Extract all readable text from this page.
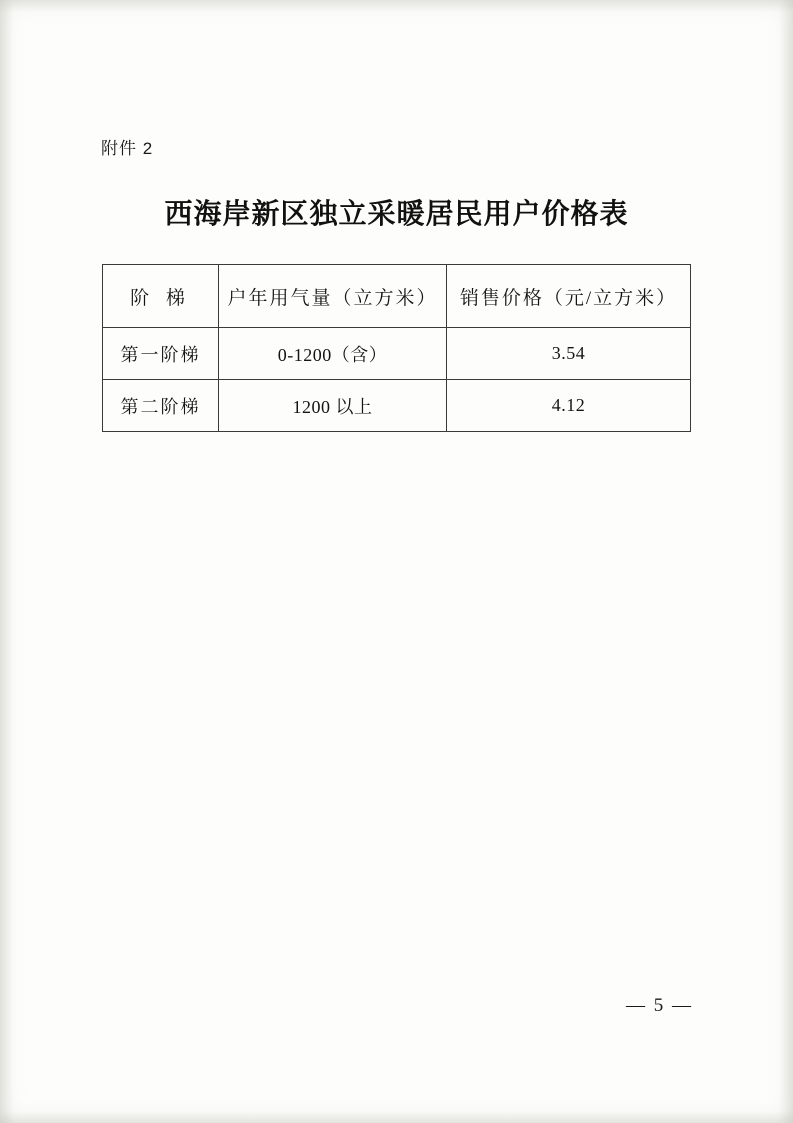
附件 2
西海岸新区独立采暖居民用户价格表
阶 梯	户年用气量（立方米）	销售价格（元/立方米）
第一阶梯	0-1200（含）	3.54
第二阶梯	1200 以上	4.12
— 5 —
